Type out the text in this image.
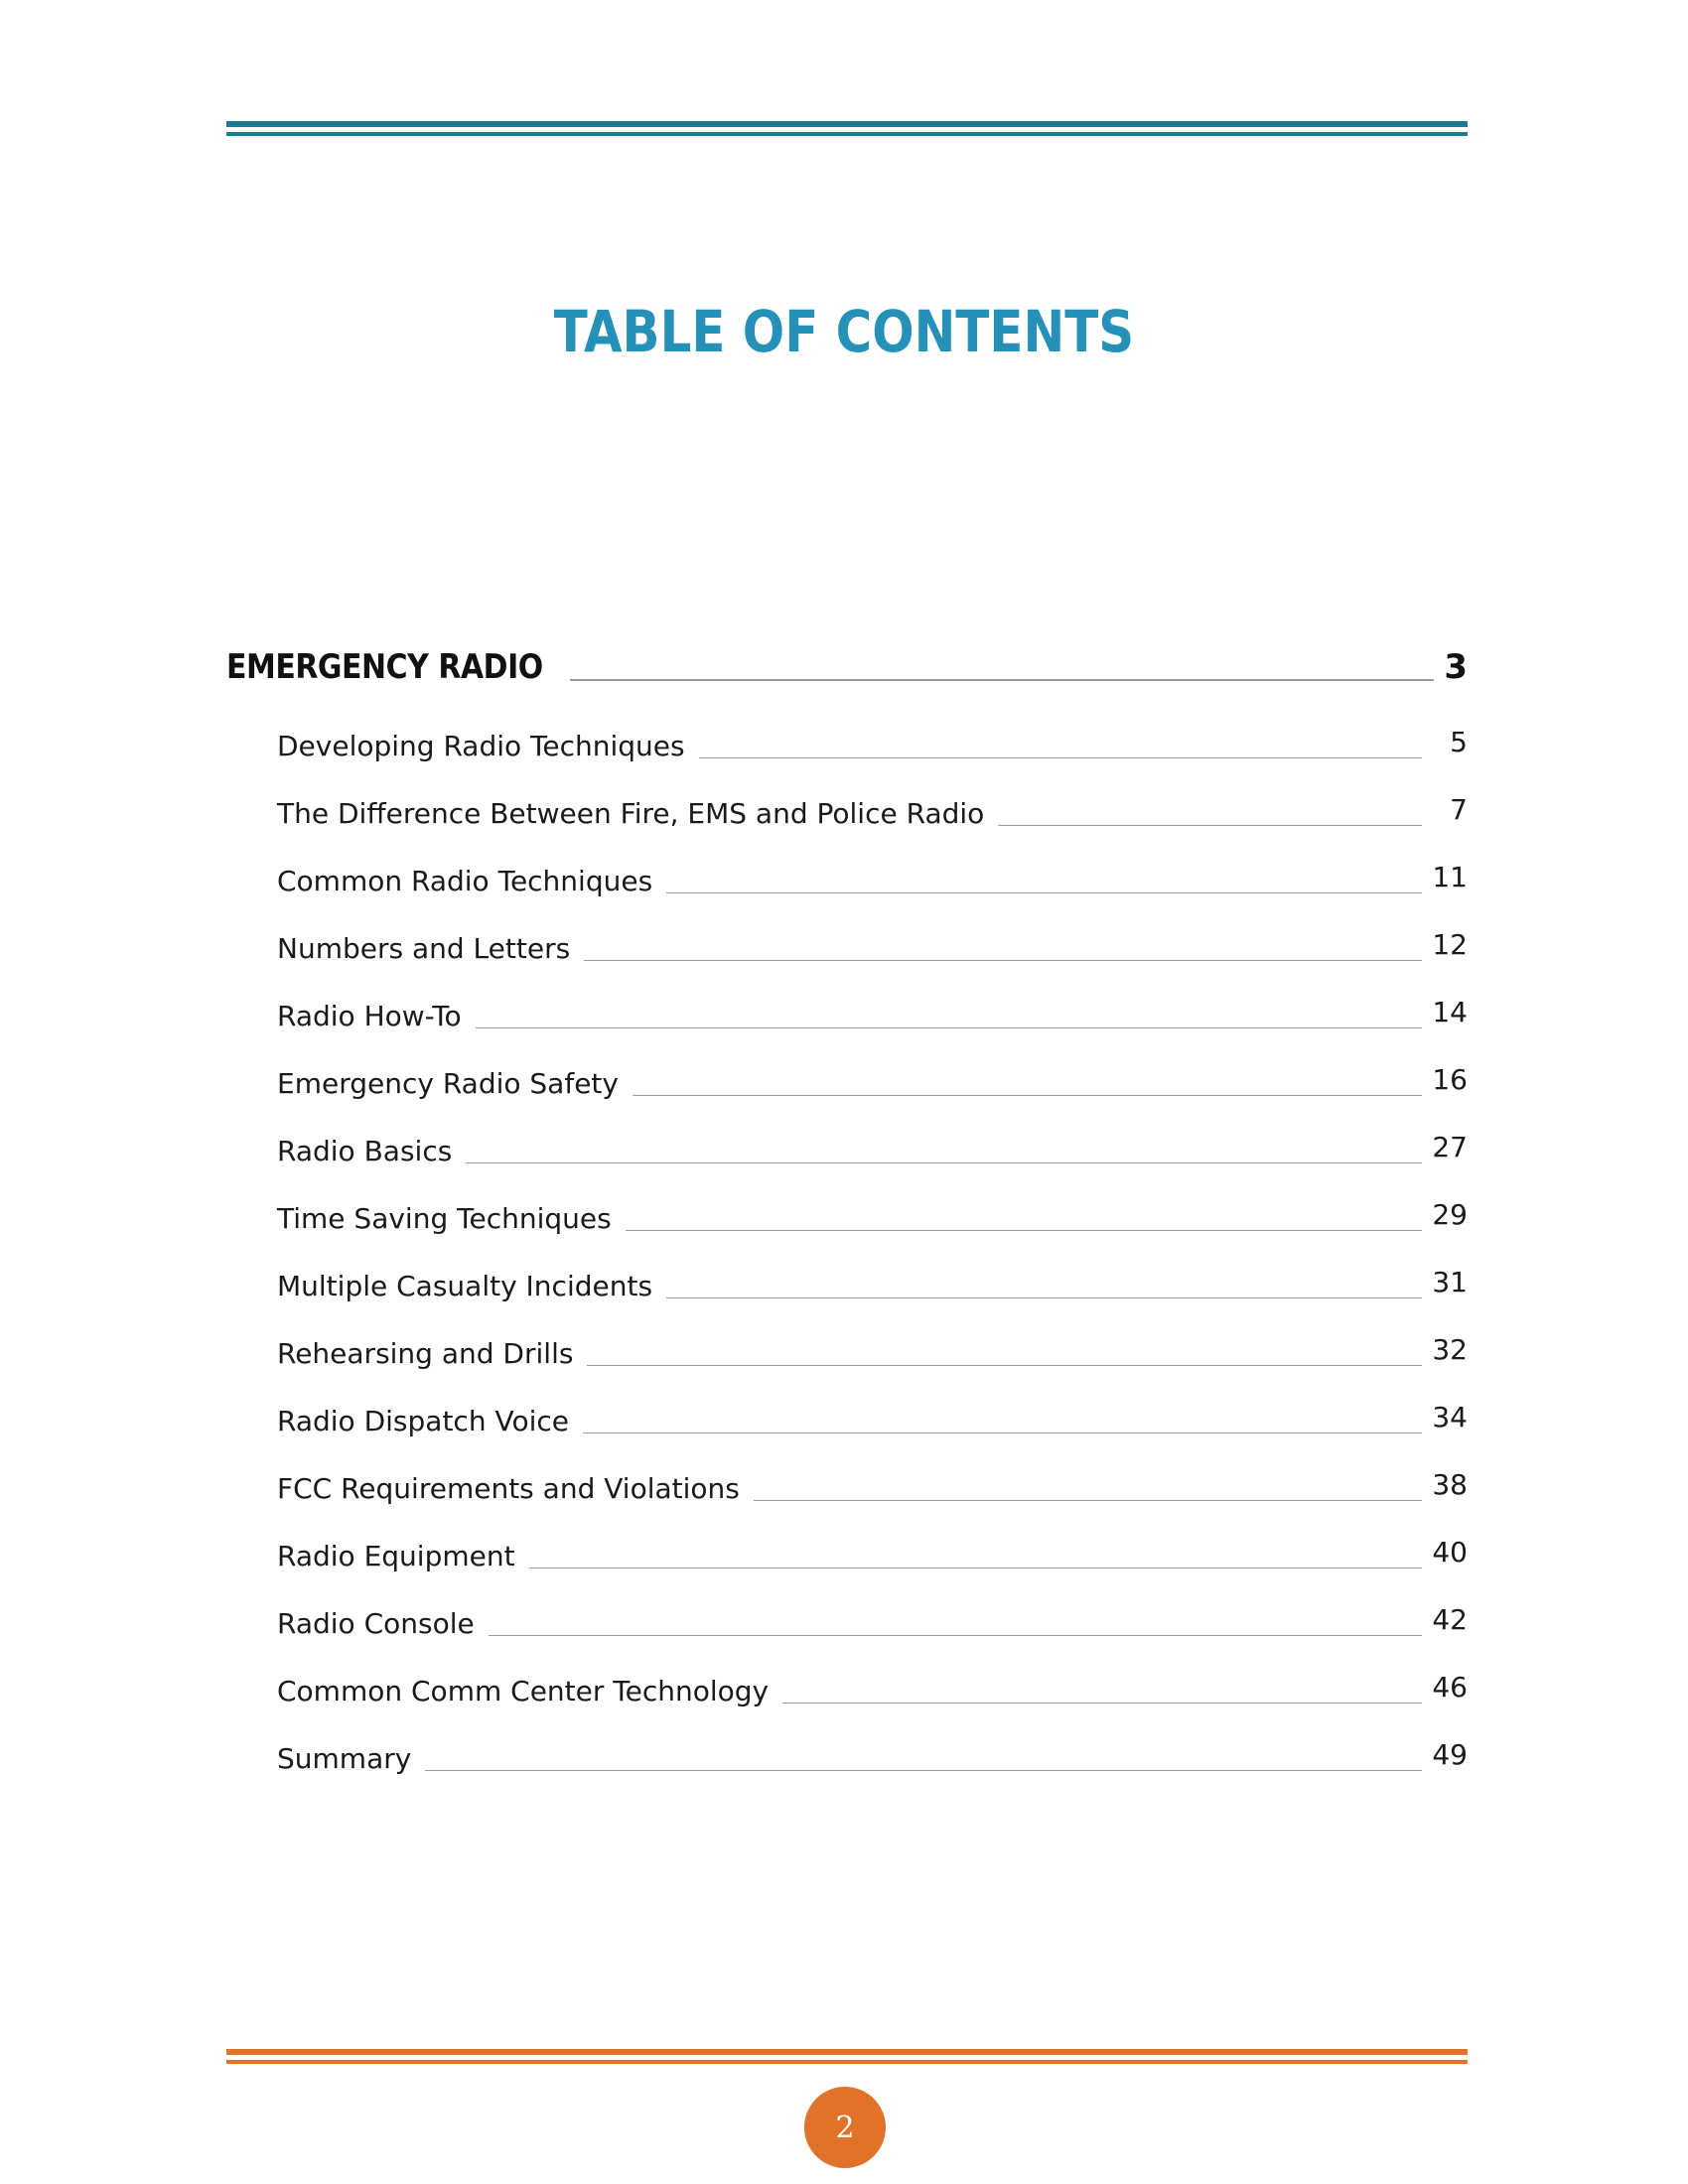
TABLE OF CONTENTS
EMERGENCY RADIO	3
Developing Radio Techniques	5
The Difference Between Fire, EMS and Police Radio	7
Common Radio Techniques	11
Numbers and Letters	12
Radio How-To	14
Emergency Radio Safety	16
Radio Basics	27
Time Saving Techniques	29
Multiple Casualty Incidents	31
Rehearsing and Drills	32
Radio Dispatch Voice	34
FCC Requirements and Violations	38
Radio Equipment	40
Radio Console	42
Common Comm Center Technology	46
Summary	49
2
